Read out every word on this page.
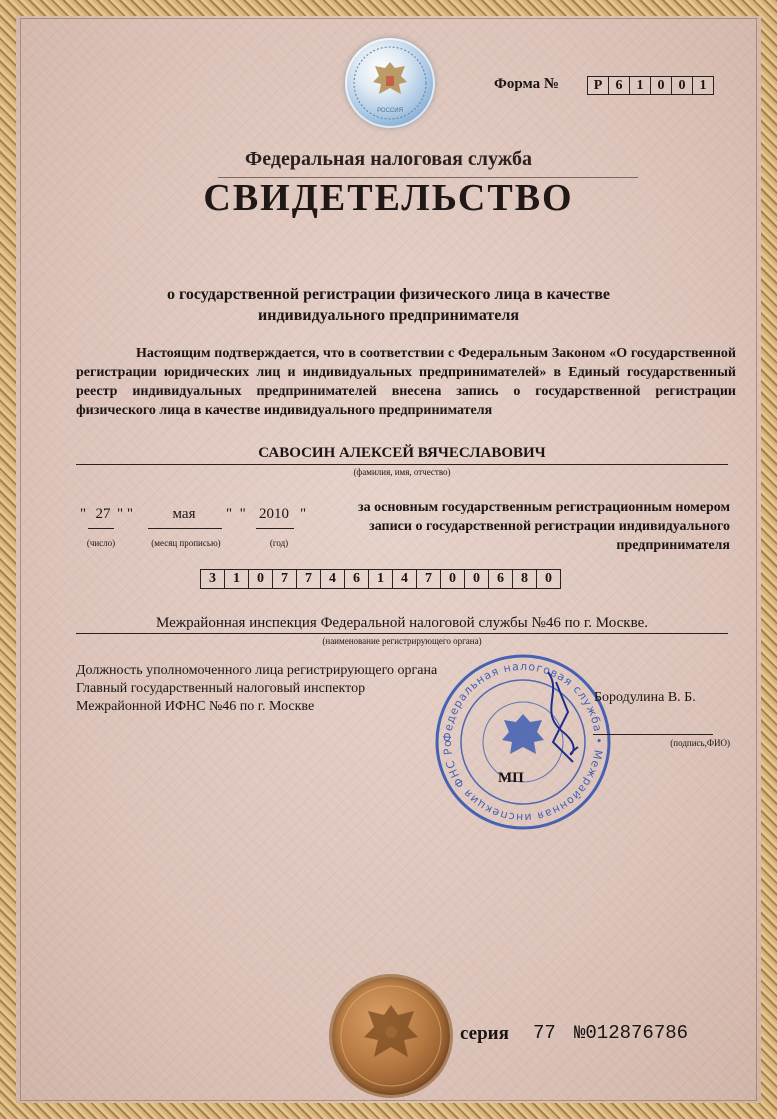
РОССИЯ
Форма №	Р 6	1	0	0	1
Федеральная налоговая служба
СВИДЕТЕЛЬСТВО
о государственной регистрации физического лица в качестве индивидуального предпринимателя
Настоящим подтверждается, что в соответствии с Федеральным Законом «О государственной регистрации юридических лиц и индивидуальных предпринимателей» в Единый государственный реестр индивидуальных предпринимателей внесена запись о государственной регистрации физического лица в качестве индивидуального предпринимателя
САВОСИН АЛЕКСЕЙ ВЯЧЕСЛАВОВИЧ
(фамилия, имя, отчество)
" 27 " "	мая	"  " 2010 "
(число)	(месяц прописью)	(год)
за основным государственным регистрационным номером записи о государственной регистрации индивидуального предпринимателя
3	1	0	7	7	4	6	1	4	7	0	0	6	8	0
Межрайонная инспекция Федеральной налоговой службы №46 по г. Москве.
(наименование регистрирующего органа)
Должность уполномоченного лица регистрирующего органа Главный государственный налоговый инспектор Межрайонной ИФНС №46 по г. Москве
Федеральная налоговая служба • Межрайонная инспекция ФНС Ро
МП
Бородулина В. Б.
(подпись,ФИО)
серия 77 №012876786
